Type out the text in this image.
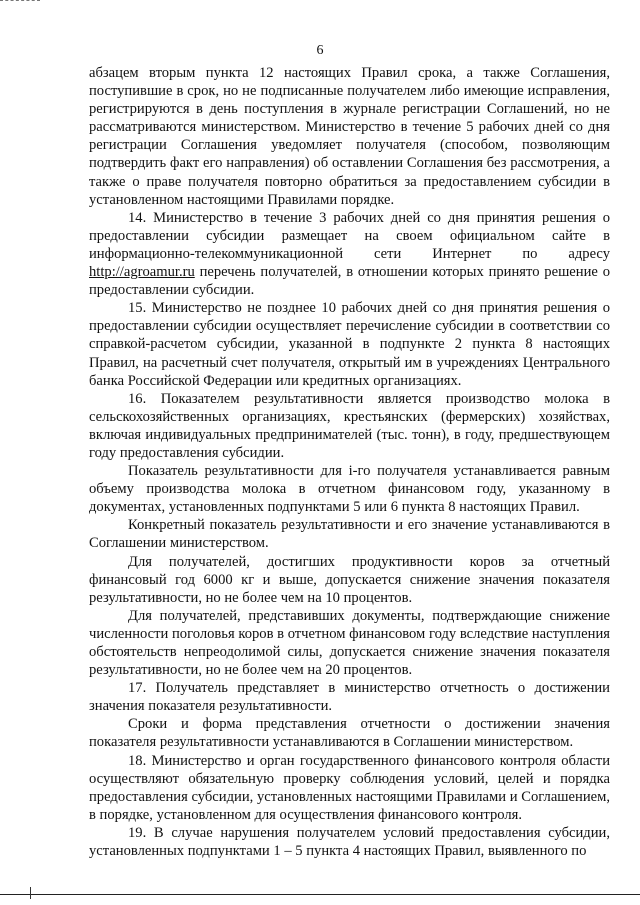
6

абзацем вторым пункта 12 настоящих Правил срока, а также Соглашения, поступившие в срок, но не подписанные получателем либо имеющие исправления, регистрируются в день поступления в журнале регистрации Соглашений, но не рассматриваются министерством. Министерство в течение 5 рабочих дней со дня регистрации Соглашения уведомляет получателя (способом, позволяющим подтвердить факт его направления) об оставлении Соглашения без рассмотрения, а также о праве получателя повторно обратиться за предоставлением субсидии в установленном настоящими Правилами порядке.

14. Министерство в течение 3 рабочих дней со дня принятия решения о предоставлении субсидии размещает на своем официальном сайте в информационно-телекоммуникационной сети Интернет по адресу http://agroamur.ru перечень получателей, в отношении которых принято решение о предоставлении субсидии.

15. Министерство не позднее 10 рабочих дней со дня принятия решения о предоставлении субсидии осуществляет перечисление субсидии в соответствии со справкой-расчетом субсидии, указанной в подпункте 2 пункта 8 настоящих Правил, на расчетный счет получателя, открытый им в учреждениях Центрального банка Российской Федерации или кредитных организациях.

16. Показателем результативности является производство молока в сельскохозяйственных организациях, крестьянских (фермерских) хозяйствах, включая индивидуальных предпринимателей (тыс. тонн), в году, предшествующем году предоставления субсидии.

Показатель результативности для i-го получателя устанавливается равным объему производства молока в отчетном финансовом году, указанному в документах, установленных подпунктами 5 или 6 пункта 8 настоящих Правил.

Конкретный показатель результативности и его значение устанавливаются в Соглашении министерством.

Для получателей, достигших продуктивности коров за отчетный финансовый год 6000 кг и выше, допускается снижение значения показателя результативности, но не более чем на 10 процентов.

Для получателей, представивших документы, подтверждающие снижение численности поголовья коров в отчетном финансовом году вследствие наступления обстоятельств непреодолимой силы, допускается снижение значения показателя результативности, но не более чем на 20 процентов.

17. Получатель представляет в министерство отчетность о достижении значения показателя результативности.

Сроки и форма представления отчетности о достижении значения показателя результативности устанавливаются в Соглашении министерством.

18. Министерство и орган государственного финансового контроля области осуществляют обязательную проверку соблюдения условий, целей и порядка предоставления субсидии, установленных настоящими Правилами и Соглашением, в порядке, установленном для осуществления финансового контроля.

19. В случае нарушения получателем условий предоставления субсидии, установленных подпунктами 1 – 5 пункта 4 настоящих Правил, выявленного по
